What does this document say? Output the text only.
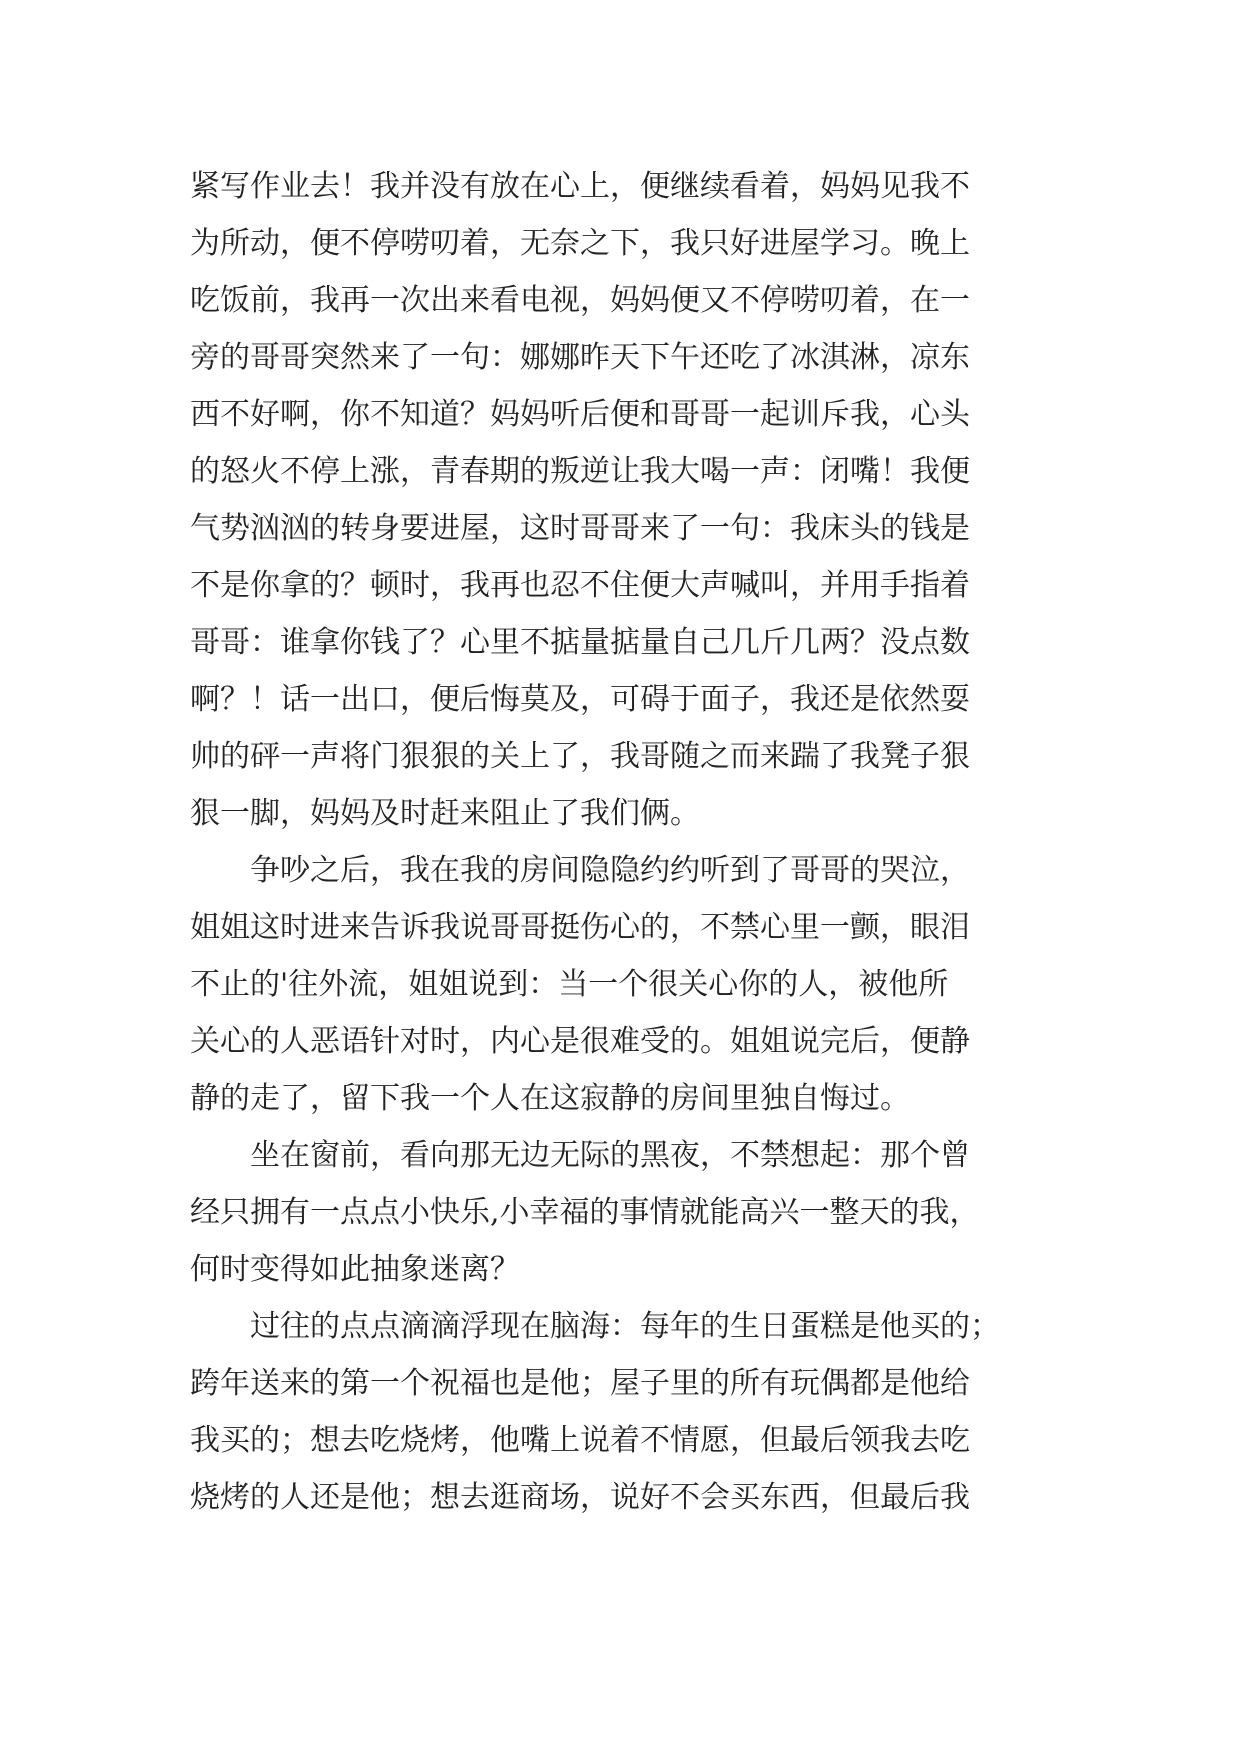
紧写作业去！我并没有放在心上，便继续看着，妈妈见我不
为所动，便不停唠叨着，无奈之下，我只好进屋学习。晚上
吃饭前，我再一次出来看电视，妈妈便又不停唠叨着，在一
旁的哥哥突然来了一句：娜娜昨天下午还吃了冰淇淋，凉东
西不好啊，你不知道？妈妈听后便和哥哥一起训斥我，心头
的怒火不停上涨，青春期的叛逆让我大喝一声：闭嘴！我便
气势汹汹的转身要进屋，这时哥哥来了一句：我床头的钱是
不是你拿的？顿时，我再也忍不住便大声喊叫，并用手指着
哥哥：谁拿你钱了？心里不掂量掂量自己几斤几两？没点数
啊？！话一出口，便后悔莫及，可碍于面子，我还是依然耍
帅的砰一声将门狠狠的关上了，我哥随之而来踹了我凳子狠
狠一脚，妈妈及时赶来阻止了我们俩。
争吵之后，我在我的房间隐隐约约听到了哥哥的哭泣，
姐姐这时进来告诉我说哥哥挺伤心的，不禁心里一颤，眼泪
不止的'往外流，姐姐说到：当一个很关心你的人，被他所
关心的人恶语针对时，内心是很难受的。姐姐说完后，便静
静的走了，留下我一个人在这寂静的房间里独自悔过。
坐在窗前，看向那无边无际的黑夜，不禁想起：那个曾
经只拥有一点点小快乐,小幸福的事情就能高兴一整天的我，
何时变得如此抽象迷离？
过往的点点滴滴浮现在脑海：每年的生日蛋糕是他买的；
跨年送来的第一个祝福也是他；屋子里的所有玩偶都是他给
我买的；想去吃烧烤，他嘴上说着不情愿，但最后领我去吃
烧烤的人还是他；想去逛商场，说好不会买东西，但最后我
